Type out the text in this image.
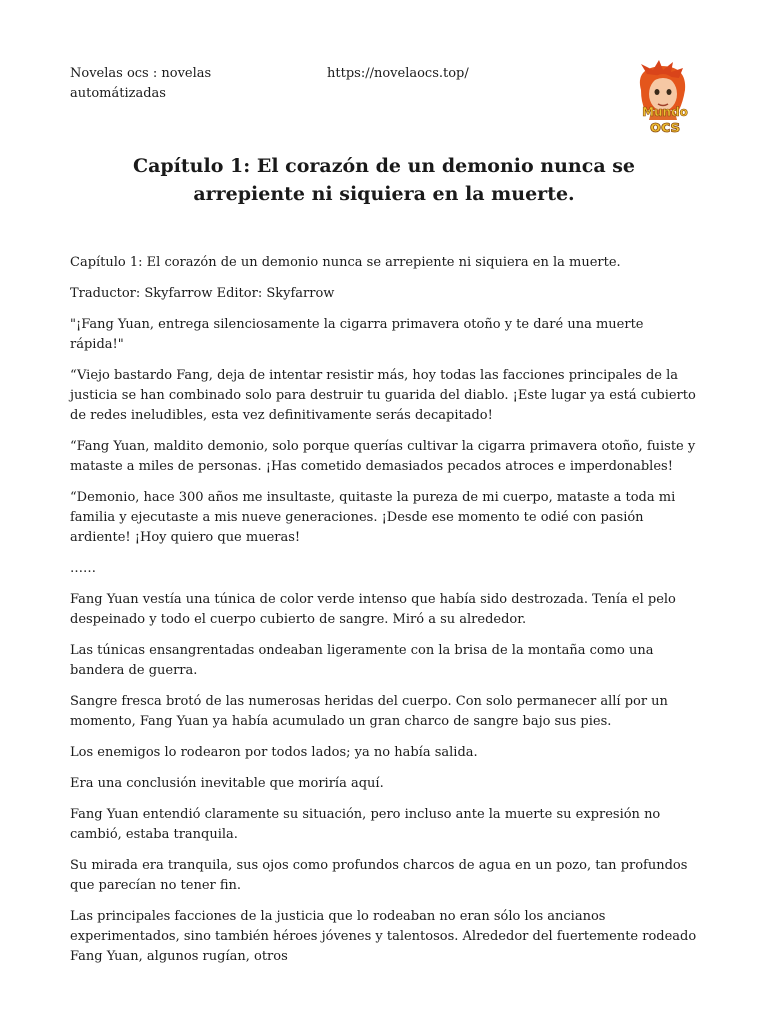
Novelas ocs : novelas automátizadas
https://novelaocs.top/
Mundo
ocs
Capítulo 1: El corazón de un demonio nunca se arrepiente ni siquiera en la muerte.

Capítulo 1: El corazón de un demonio nunca se arrepiente ni siquiera en la muerte.

Traductor: Skyfarrow Editor: Skyfarrow

"¡Fang Yuan, entrega silenciosamente la cigarra primavera otoño y te daré una muerte rápida!"

“Viejo bastardo Fang, deja de intentar resistir más, hoy todas las facciones principales de la justicia se han combinado solo para destruir tu guarida del diablo. ¡Este lugar ya está cubierto de redes ineludibles, esta vez definitivamente serás decapitado!

“Fang Yuan, maldito demonio, solo porque querías cultivar la cigarra primavera otoño, fuiste y mataste a miles de personas. ¡Has cometido demasiados pecados atroces e imperdonables!

“Demonio, hace 300 años me insultaste, quitaste la pureza de mi cuerpo, mataste a toda mi familia y ejecutaste a mis nueve generaciones. ¡Desde ese momento te odié con pasión ardiente! ¡Hoy quiero que mueras!

……

Fang Yuan vestía una túnica de color verde intenso que había sido destrozada. Tenía el pelo despeinado y todo el cuerpo cubierto de sangre. Miró a su alrededor.

Las túnicas ensangrentadas ondeaban ligeramente con la brisa de la montaña como una bandera de guerra.

Sangre fresca brotó de las numerosas heridas del cuerpo. Con solo permanecer allí por un momento, Fang Yuan ya había acumulado un gran charco de sangre bajo sus pies.

Los enemigos lo rodearon por todos lados; ya no había salida.

Era una conclusión inevitable que moriría aquí.

Fang Yuan entendió claramente su situación, pero incluso ante la muerte su expresión no cambió, estaba tranquila.

Su mirada era tranquila, sus ojos como profundos charcos de agua en un pozo, tan profundos que parecían no tener fin.

Las principales facciones de la justicia que lo rodeaban no eran sólo los ancianos experimentados, sino también héroes jóvenes y talentosos. Alrededor del fuertemente rodeado Fang Yuan, algunos rugían, otros
